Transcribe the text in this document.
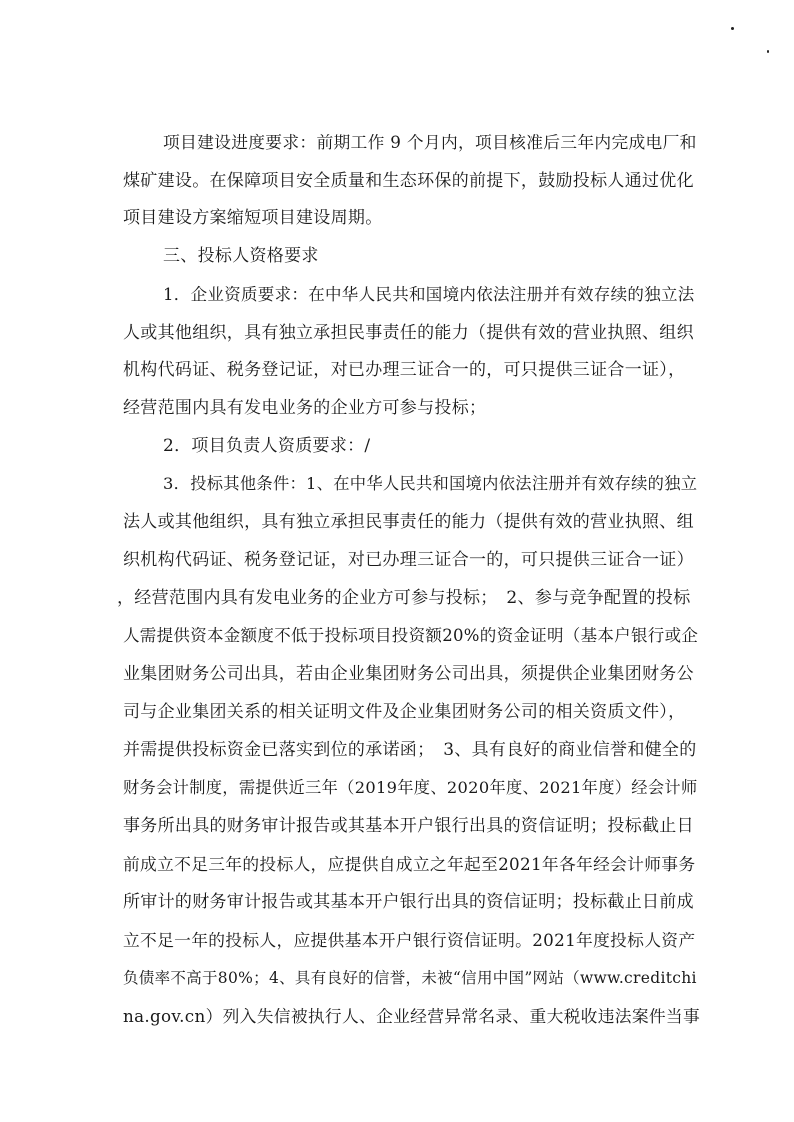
项目建设进度要求：前期工作 9 个月内，项目核准后三年内完成电厂和
煤矿建设。在保障项目安全质量和生态环保的前提下，鼓励投标人通过优化
项目建设方案缩短项目建设周期。
三、投标人资格要求
1．企业资质要求：在中华人民共和国境内依法注册并有效存续的独立法
人或其他组织，具有独立承担民事责任的能力（提供有效的营业执照、组织
机构代码证、税务登记证，对已办理三证合一的，可只提供三证合一证），
经营范围内具有发电业务的企业方可参与投标；
2．项目负责人资质要求：/
3．投标其他条件：1、在中华人民共和国境内依法注册并有效存续的独立
法人或其他组织，具有独立承担民事责任的能力（提供有效的营业执照、组
织机构代码证、税务登记证，对已办理三证合一的，可只提供三证合一证）
，经营范围内具有发电业务的企业方可参与投标；　2、参与竞争配置的投标
人需提供资本金额度不低于投标项目投资额20%的资金证明（基本户银行或企
业集团财务公司出具，若由企业集团财务公司出具，须提供企业集团财务公
司与企业集团关系的相关证明文件及企业集团财务公司的相关资质文件），
并需提供投标资金已落实到位的承诺函；　3、具有良好的商业信誉和健全的
财务会计制度，需提供近三年（2019年度、2020年度、2021年度）经会计师
事务所出具的财务审计报告或其基本开户银行出具的资信证明；投标截止日
前成立不足三年的投标人，应提供自成立之年起至2021年各年经会计师事务
所审计的财务审计报告或其基本开户银行出具的资信证明；投标截止日前成
立不足一年的投标人，应提供基本开户银行资信证明。2021年度投标人资产
负债率不高于80%；4、具有良好的信誉，未被“信用中国”网站（www.creditchi
na.gov.cn）列入失信被执行人、企业经营异常名录、重大税收违法案件当事
